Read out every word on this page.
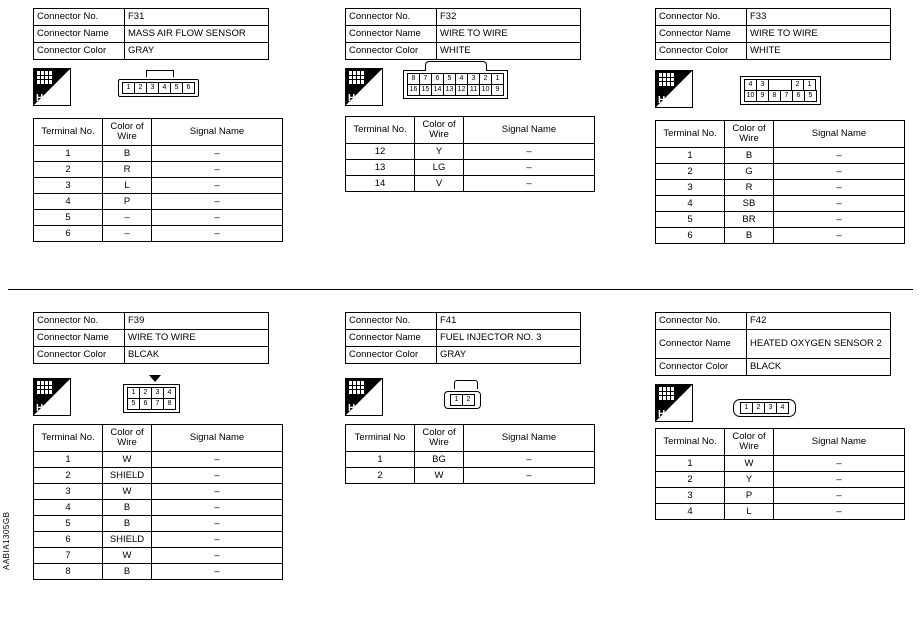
AABIA1305GB
Connector No.	F31
Connector Name	MASS AIR FLOW SENSOR
Connector Color	GRAY
H.S.
1	2	3	4	5	6
Terminal No.	Color of Wire	Signal Name
1	B	–
2	R	–
3	L	–
4	P	–
5	–	–
6	–	–
Connector No.	F32
Connector Name	WIRE TO WIRE
Connector Color	WHITE
H.S.
8	7	6	5	4	3	2	1
16 15 14 13 12 11 10 9
Terminal No.	Color of Wire	Signal Name
12	Y	–
13	LG	–
14	V	–
Connector No.	F33
Connector Name	WIRE TO WIRE
Connector Color	WHITE
H.S.
4	3	2	1
10 9	8	7	6	5
Terminal No.	Color of Wire	Signal Name
1	B	–
2	G	–
3	R	–
4	SB	–
5	BR	–
6	B	–
Connector No.	F39
Connector Name	WIRE TO WIRE
Connector Color	BLCAK
H.S.
1	2	3	4
5	6	7	8
Terminal No.	Color of Wire	Signal Name
1	W	–
2	SHIELD	–
3	W	–
4	B	–
5	B	–
6	SHIELD	–
7	W	–
8	B	–
Connector No.	F41
Connector Name	FUEL INJECTOR NO. 3
Connector Color	GRAY
H.S.
1	2
Terminal No	Color of Wire	Signal Name
1	BG	–
2	W	–
Connector No.	F42
Connector Name	HEATED OXYGEN SENSOR 2
Connector Color	BLACK
H.S.
1	2	3	4
Terminal No.	Color of Wire	Signal Name
1	W	–
2	Y	–
3	P	–
4	L	–
